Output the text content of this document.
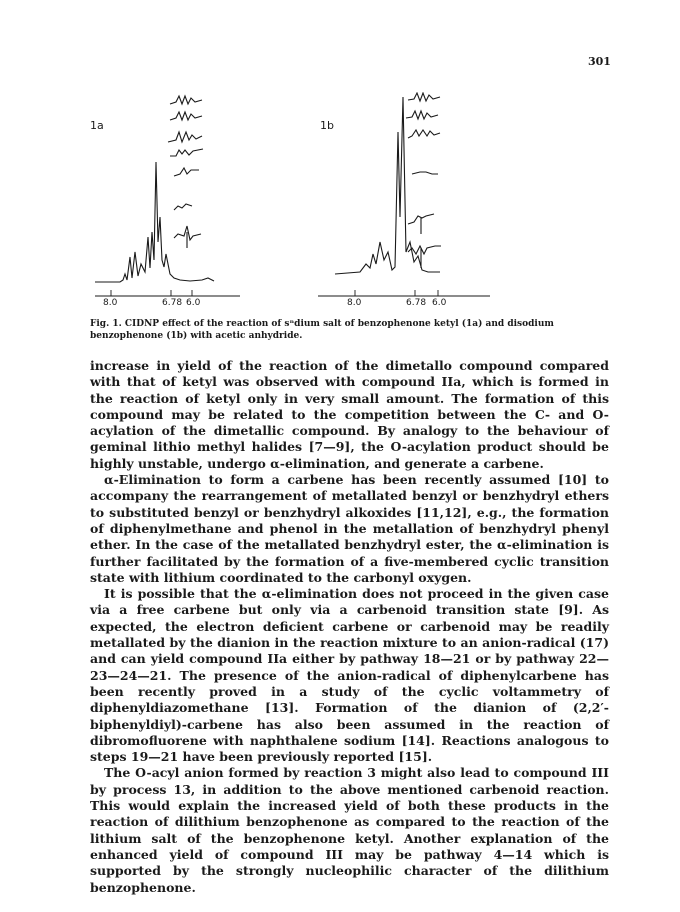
301
1a	1b
8.0	6.78 6.0	8.0	6.78 6.0
Fig. 1. CIDNP effect of the reaction of sⁿdium salt of benzophenone ketyl (1a) and disodium benzophenone (1b) with acetic anhydride.

increase in yield of the reaction of the dimetallo compound compared with that of ketyl was observed with compound IIa, which is formed in the reaction of ketyl only in very small amount. The formation of this compound may be related to the competition between the C- and O-acylation of the dimetallic compound. By analogy to the behaviour of geminal lithio methyl halides [7—9], the O-acylation product should be highly unstable, undergo α-elimination, and generate a carbene.

α-Elimination to form a carbene has been recently assumed [10] to accompany the rearrangement of metallated benzyl or benzhydryl ethers to substituted benzyl or benzhydryl alkoxides [11,12], e.g., the formation of diphenylmethane and phenol in the metallation of benzhydryl phenyl ether. In the case of the metallated benzhydryl ester, the α-elimination is further facilitated by the formation of a five-membered cyclic transition state with lithium coordinated to the carbonyl oxygen.

It is possible that the α-elimination does not proceed in the given case via a free carbene but only via a carbenoid transition state [9]. As expected, the electron deficient carbene or carbenoid may be readily metallated by the dianion in the reaction mixture to an anion-radical (17) and can yield compound IIa either by pathway 18—21 or by pathway 22—23—24—21. The presence of the anion-radical of diphenylcarbene has been recently proved in a study of the cyclic voltammetry of diphenyldiazomethane [13]. Formation of the dianion of (2,2′-biphenyldiyl)-carbene has also been assumed in the reaction of dibromofluorene with naphthalene sodium [14]. Reactions analogous to steps 19—21 have been previously reported [15].

The O-acyl anion formed by reaction 3 might also lead to compound III by process 13, in addition to the above mentioned carbenoid reaction. This would explain the increased yield of both these products in the reaction of dilithium benzophenone as compared to the reaction of the lithium salt of the benzophenone ketyl. Another explanation of the enhanced yield of compound III may be pathway 4—14 which is supported by the strongly nucleophilic character of the dilithium benzophenone.
